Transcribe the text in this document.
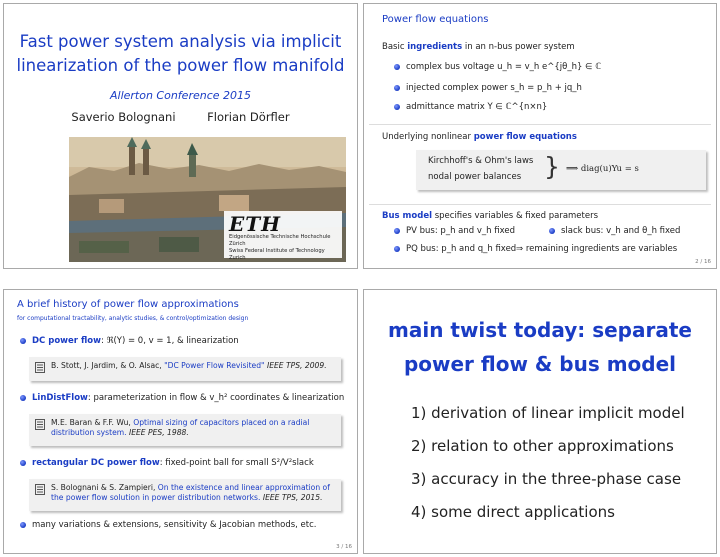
Fast power system analysis via implicit
linearization of the power flow manifold
Allerton Conference 2015
Saverio Bolognani	Florian Dörfler
ETH
Eidgenössische Technische Hochschule Zürich
Swiss Federal Institute of Technology Zurich
Power flow equations
Basic ingredients in an n-bus power system
complex bus voltage u_h = v_h e^{jθ_h} ∈ ℂ
injected complex power s_h = p_h + jq_h
admittance matrix Y ∈ ℂ^{n×n}
Underlying nonlinear power flow equations
Kirchhoff's & Ohm's laws
nodal power balances } ⟹ diag(u)Yu = s
Bus model specifies variables & fixed parameters
PV bus: p_h and v_h fixed	slack bus: v_h and θ_h fixed
PQ bus: p_h and q_h fixed ⇒ remaining ingredients are variables
2 / 16
A brief history of power flow approximations
for computational tractability, analytic studies, & control/optimization design
DC power flow: ℜ(Y) = 0, v = 1, & linearization
B. Stott, J. Jardim, & O. Alsac, "DC Power Flow Revisited" IEEE TPS, 2009.
LinDistFlow: parameterization in flow & v_h² coordinates & linearization
M.E. Baran & F.F. Wu, Optimal sizing of capacitors placed on a radial distribution system. IEEE PES, 1988.
rectangular DC power flow: fixed-point ball for small S²/V²slack
S. Bolognani & S. Zampieri, On the existence and linear approximation of the power flow solution in power distribution networks. IEEE TPS, 2015.
many variations & extensions, sensitivity & Jacobian methods, etc.
3 / 16
main twist today: separate
power flow & bus model
1) derivation of linear implicit model
2) relation to other approximations
3) accuracy in the three-phase case
4) some direct applications
